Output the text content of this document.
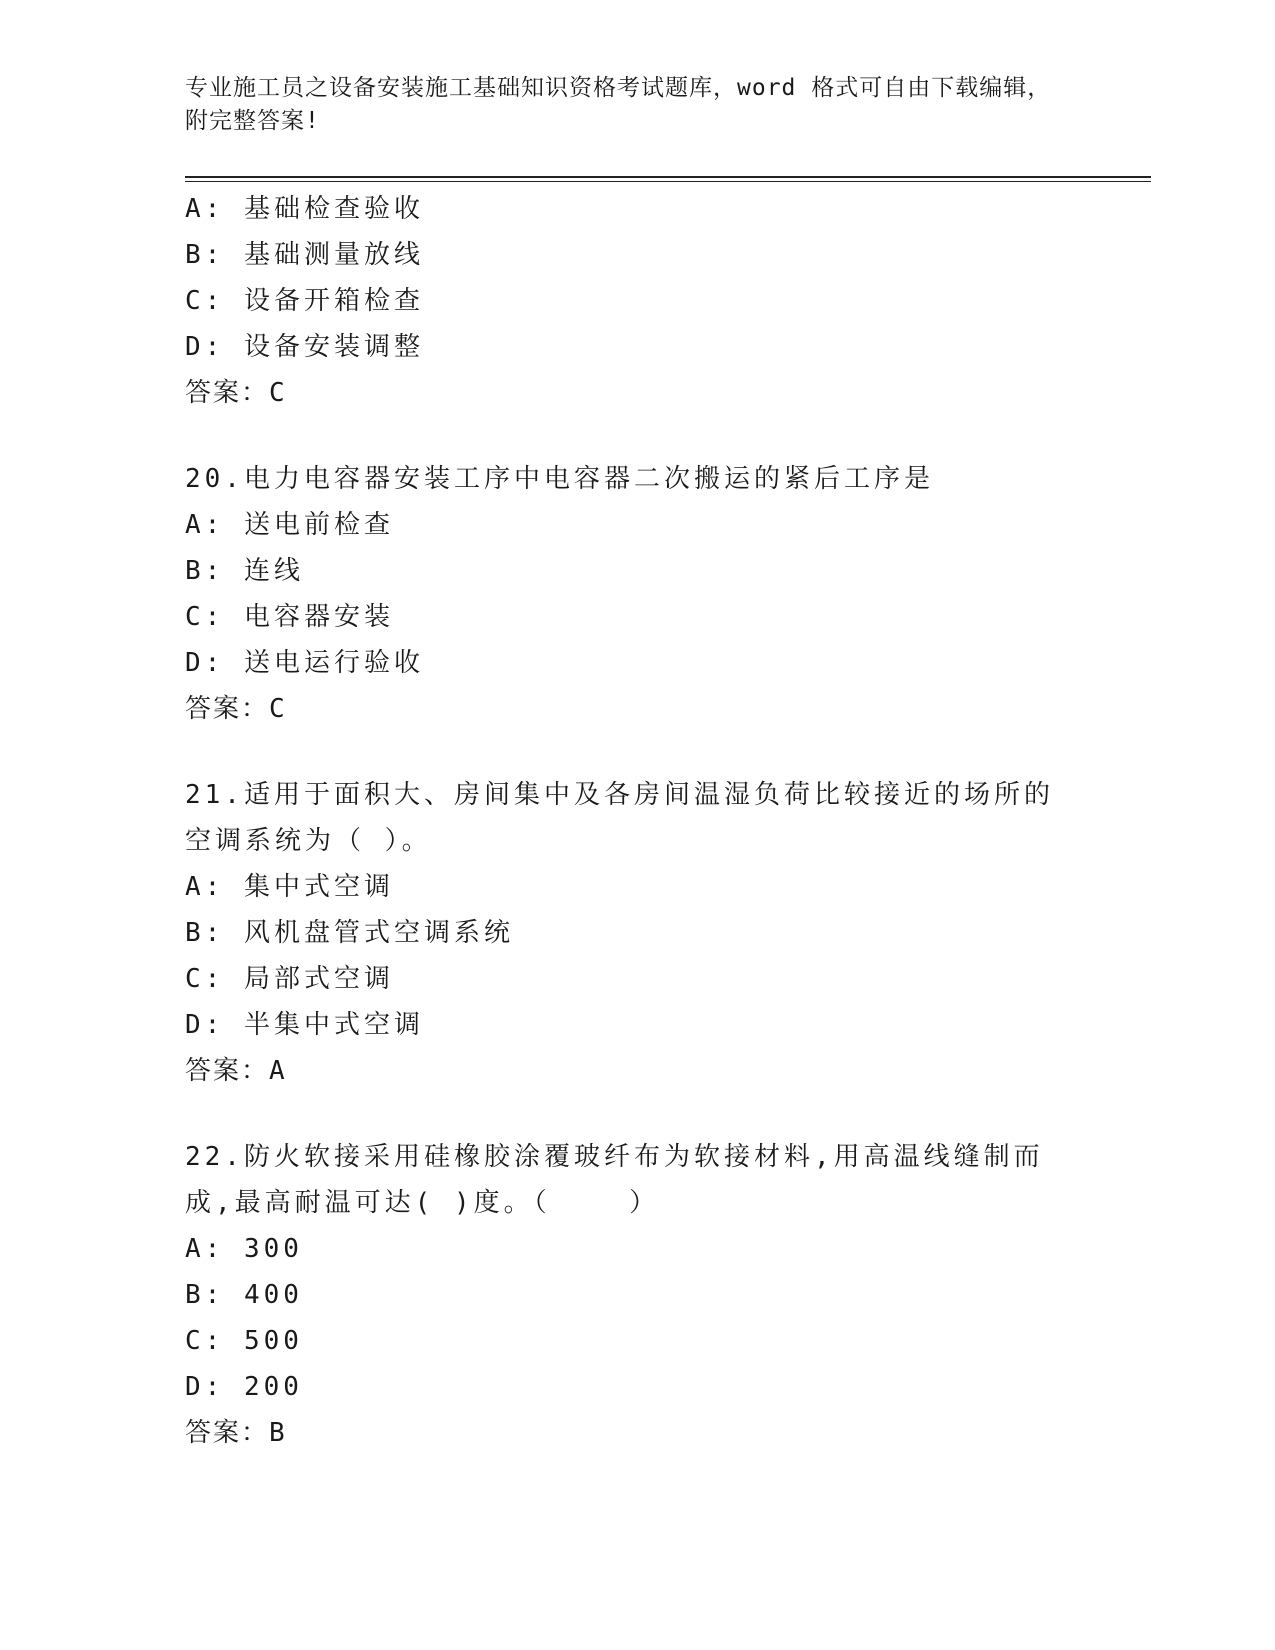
专业施工员之设备安装施工基础知识资格考试题库，word 格式可自由下载编辑，
附完整答案!
A: 基础检查验收
B: 基础测量放线
C: 设备开箱检查
D: 设备安装调整
答案：C
20.电力电容器安装工序中电容器二次搬运的紧后工序是
A: 送电前检查
B: 连线
C: 电容器安装
D: 送电运行验收
答案：C
21.适用于面积大、房间集中及各房间温湿负荷比较接近的场所的空调系统为（ ）。
A: 集中式空调
B: 风机盘管式空调系统
C: 局部式空调
D: 半集中式空调
答案：A
22.防火软接采用硅橡胶涂覆玻纤布为软接材料,用高温线缝制而成,最高耐温可达( )度。（    ）
A: 300
B: 400
C: 500
D: 200
答案：B
